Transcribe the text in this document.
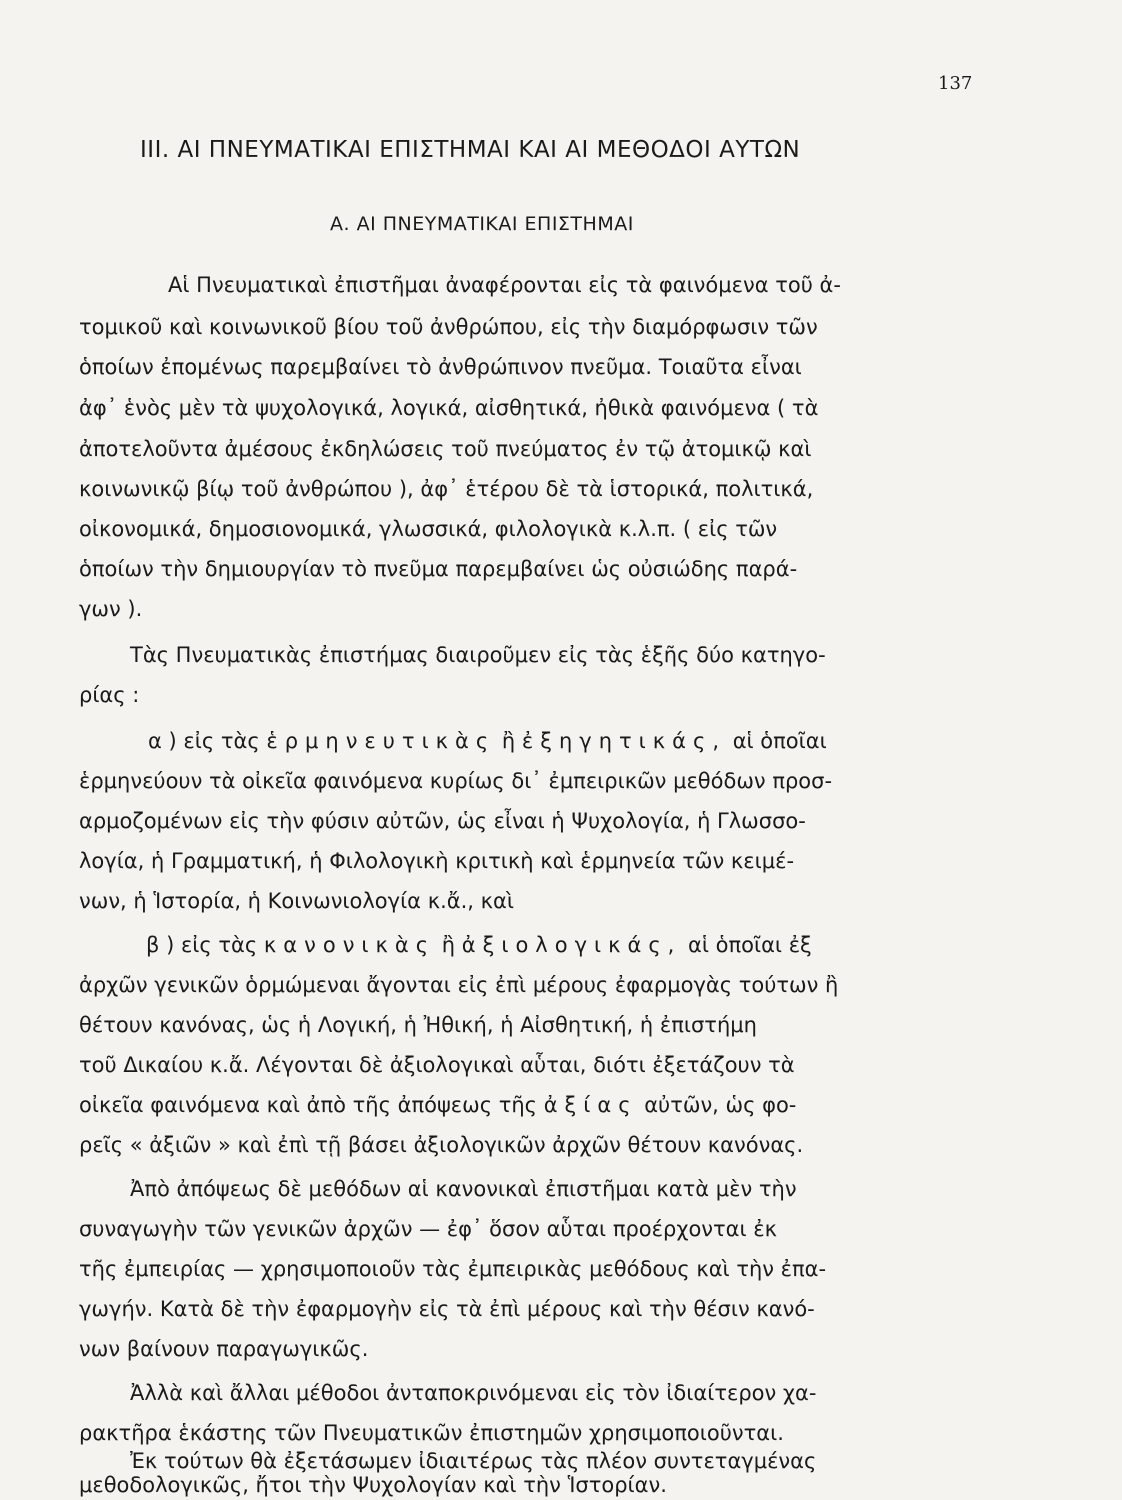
137
III. ΑΙ ΠΝΕΥΜΑΤΙΚΑΙ ΕΠΙΣΤΗΜΑΙ ΚΑΙ ΑΙ ΜΕΘΟΔΟΙ ΑΥΤΩΝ
Α. ΑΙ ΠΝΕΥΜΑΤΙΚΑΙ ΕΠΙΣΤΗΜΑΙ
Αἱ Πνευματικαὶ ἐπιστῆμαι ἀναφέρονται εἰς τὰ φαινόμενα τοῦ ἀ-
τομικοῦ καὶ κοινωνικοῦ βίου τοῦ ἀνθρώπου, εἰς τὴν διαμόρφωσιν τῶν
ὁποίων ἐπομένως παρεμβαίνει τὸ ἀνθρώπινον πνεῦμα. Τοιαῦτα εἶναι
ἀφ᾽ ἑνὸς μὲν τὰ ψυχολογικά, λογικά, αἰσθητικά, ἠθικὰ φαινόμενα ( τὰ
ἀποτελοῦντα ἀμέσους ἐκδηλώσεις τοῦ πνεύματος ἐν τῷ ἀτομικῷ καὶ
κοινωνικῷ βίῳ τοῦ ἀνθρώπου ), ἀφ᾽ ἑτέρου δὲ τὰ ἱστορικά, πολιτικά,
οἰκονομικά, δημοσιονομικά, γλωσσικά, φιλολογικὰ κ.λ.π. ( εἰς τῶν
ὁποίων τὴν δημιουργίαν τὸ πνεῦμα παρεμβαίνει ὡς οὐσιώδης παρά-
γων ).
Τὰς Πνευματικὰς ἐπιστήμας διαιροῦμεν εἰς τὰς ἑξῆς δύο κατηγο-
ρίας :
α ) εἰς τὰς ἑρμηνευτικὰς ἢ ἐξηγητικάς, αἱ ὁποῖαι
ἑρμηνεύουν τὰ οἰκεῖα φαινόμενα κυρίως δι᾽ ἐμπειρικῶν μεθόδων προσ-
αρμοζομένων εἰς τὴν φύσιν αὐτῶν, ὡς εἶναι ἡ Ψυχολογία, ἡ Γλωσσο-
λογία, ἡ Γραμματική, ἡ Φιλολογικὴ κριτικὴ καὶ ἑρμηνεία τῶν κειμέ-
νων, ἡ Ἱστορία, ἡ Κοινωνιολογία κ.ἄ., καὶ
β ) εἰς τὰς κανονικὰς ἢ ἀξιολογικάς, αἱ ὁποῖαι ἐξ
ἀρχῶν γενικῶν ὁρμώμεναι ἄγονται εἰς ἐπὶ μέρους ἐφαρμογὰς τούτων ἢ
θέτουν κανόνας, ὡς ἡ Λογική, ἡ Ἠθική, ἡ Αἰσθητική, ἡ ἐπιστήμη
τοῦ Δικαίου κ.ἄ. Λέγονται δὲ ἀξιολογικαὶ αὗται, διότι ἐξετάζουν τὰ
οἰκεῖα φαινόμενα καὶ ἀπὸ τῆς ἀπόψεως τῆς ἀξίας αὐτῶν, ὡς φο-
ρεῖς « ἀξιῶν » καὶ ἐπὶ τῇ βάσει ἀξιολογικῶν ἀρχῶν θέτουν κανόνας.
Ἀπὸ ἀπόψεως δὲ μεθόδων αἱ κανονικαὶ ἐπιστῆμαι κατὰ μὲν τὴν
συναγωγὴν τῶν γενικῶν ἀρχῶν — ἐφ᾽ ὅσον αὗται προέρχονται ἐκ
τῆς ἐμπειρίας — χρησιμοποιοῦν τὰς ἐμπειρικὰς μεθόδους καὶ τὴν ἐπα-
γωγήν. Κατὰ δὲ τὴν ἐφαρμογὴν εἰς τὰ ἐπὶ μέρους καὶ τὴν θέσιν κανό-
νων βαίνουν παραγωγικῶς.
Ἀλλὰ καὶ ἄλλαι μέθοδοι ἀνταποκρινόμεναι εἰς τὸν ἰδιαίτερον χα-
ρακτῆρα ἑκάστης τῶν Πνευματικῶν ἐπιστημῶν χρησιμοποιοῦνται.
Ἐκ τούτων θὰ ἐξετάσωμεν ἰδιαιτέρως τὰς πλέον συντεταγμένας
μεθοδολογικῶς, ἤτοι τὴν Ψυχολογίαν καὶ τὴν Ἱστορίαν.
